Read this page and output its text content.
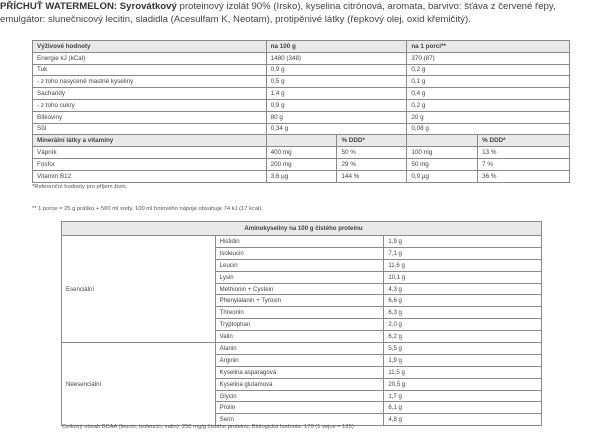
PŘÍCHUŤ WATERMELON: Syrovátkový proteinový izolát 90% (Irsko), kyselina citrónová, aromata, barvivo: šťáva z červené řepy, emulgátor: slunečnicový lecitin, sladidla (Acesulfam K, Neotam), protipěnivé látky (řepkový olej, oxid křemičitý).
Výživové hodnoty	na 100 g		na 1 porci**	
Energie kJ (kCal)	1480 (348)		370 (87)	
Tuk	0,9 g		0,2 g	
- z toho nasycené mastné kyseliny	0,5 g		0,1 g	
Sacharidy	1,4 g		0,4 g	
- z toho cukry	0,9 g		0,2 g	
Bílkoviny	80 g		20 g	
Sůl	0,34 g		0,08 g	
Minerální látky a vitamíny		% DDD*		% DDD*
Vápník	400 mg	50 %	100 mg	13 %
Fosfor	200 mg	29 %	50 mg	7 %
Vitamín B12	3,6 µg	144 %	0,9 µg	36 %
*Referenční hodnoty pro příjem živin.
** 1 porce = 25 g prášku + 500 ml vody. 100 ml hotového nápoje obsahuje 74 kJ (17 kcal).
Aminokyseliny na 100 g čistého proteinu		
Esenciální	Histidin	1,9 g
	Isoleucin	7,1 g
	Leucin	11,6 g
	Lysin	10,1 g
	Methionin + Cystein	4,3 g
	Phenylalanin + Tyrosin	6,6 g
	Threonin	6,3 g
	Tryptophan	2,0 g
	Valin	6,2 g
Neesenciální	Alanin	5,5 g
	Arginin	1,9 g
	Kyselina asparagová	11,5 g
	Kyselina glutamová	20,5 g
	Glycin	1,7 g
	Prolin	6,1 g
	Serin	4,8 g
Celkový obsah BCAA (leucin, isoleucin, valin): 250 mg/g čistého proteinu, Biologická hodnota: 170 (1 vejce = 135)
